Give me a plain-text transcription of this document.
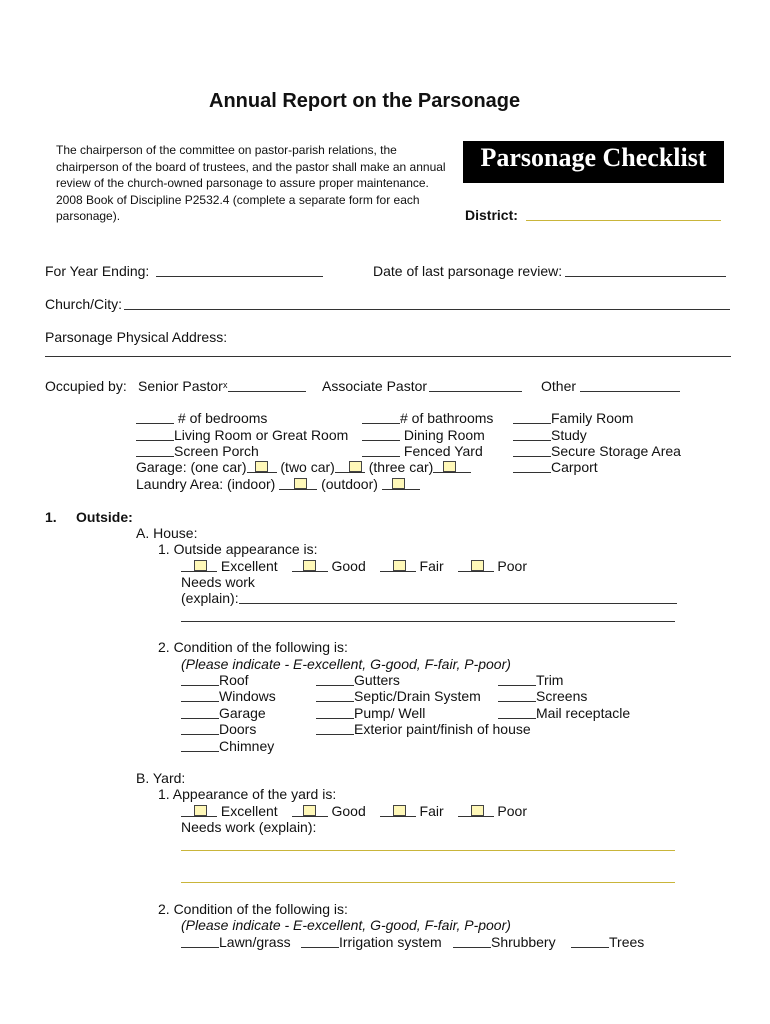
Annual Report on the Parsonage
The chairperson of the committee on pastor-parish relations, the chairperson of the board of trustees, and the pastor shall make an annual review of the church-owned parsonage to assure proper maintenance. 2008 Book of Discipline P2532.4 (complete a separate form for each parsonage).
Parsonage Checklist
District:
For Year Ending:	Date of last parsonage review:
Church/City:
Parsonage Physical Address:
Occupied by: Senior Pastor x	Associate Pastor	Other
# of bedrooms	# of bathrooms	Family Room
Living Room or Great Room	Dining Room	Study
Screen Porch	Fenced Yard	Secure Storage Area
Garage: (one car) (two car) (three car)	Carport
Laundry Area: (indoor)	(outdoor)
1. Outside:
A. House:
1. Outside appearance is:
Excellent	Good	Fair	Poor
Needs work
(explain):
2. Condition of the following is:
(Please indicate - E-excellent, G-good, F-fair, P-poor)
Roof	Gutters	Trim
Windows	Septic/Drain System	Screens
Garage	Pump/ Well	Mail receptacle
Doors	Exterior paint/finish of house
Chimney
B. Yard:
1. Appearance of the yard is:
Excellent	Good	Fair	Poor
Needs work (explain):
2. Condition of the following is:
(Please indicate - E-excellent, G-good, F-fair, P-poor)
Lawn/grass	Irrigation system	Shrubbery	Trees
